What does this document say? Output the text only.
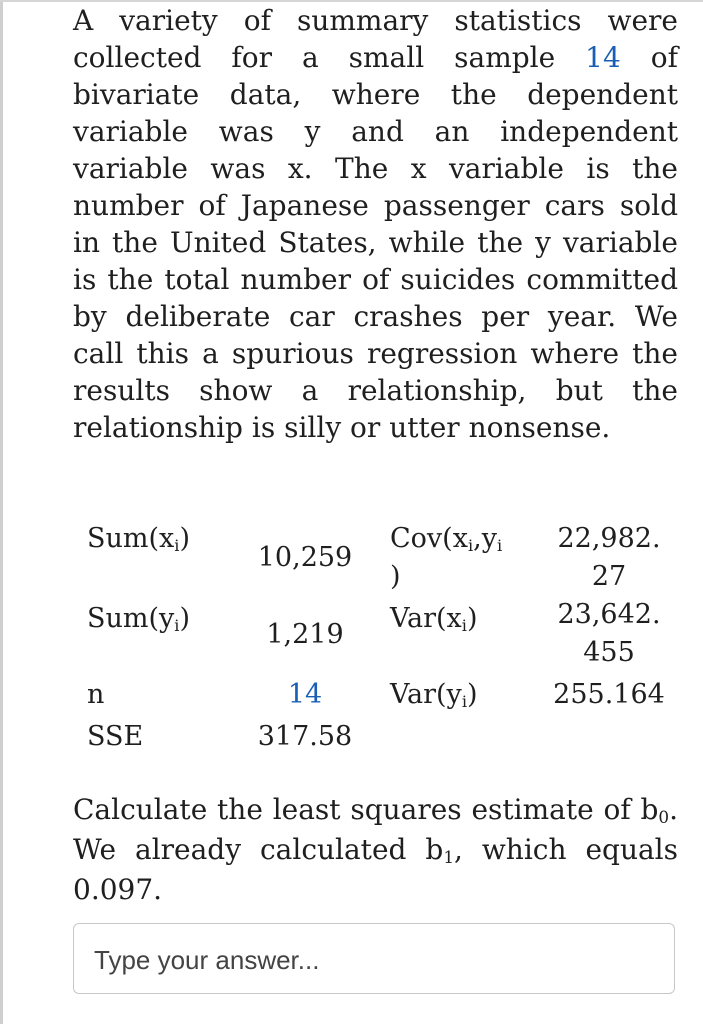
A variety of summary statistics were collected for a small sample 14 of bivariate data, where the dependent variable was y and an independent variable was x. The x variable is the number of Japanese passenger cars sold in the United States, while the y variable is the total number of suicides committed by deliberate car crashes per year. We call this a spurious regression where the results show a relationship, but the relationship is silly or utter nonsense.
$Sum(x_i)$
$Sum(y_i)$
n
SSE
10,259
1,219
14
317.58
$Cov(x_i,y_i$
)
$Var(x_i)$
$Var(y_i)$
22,982.
27
23,642.
455
255.164
Calculate the least squares estimate of $b_0$. We already calculated $b_1$, which equals 0.097.
Type your answer...
